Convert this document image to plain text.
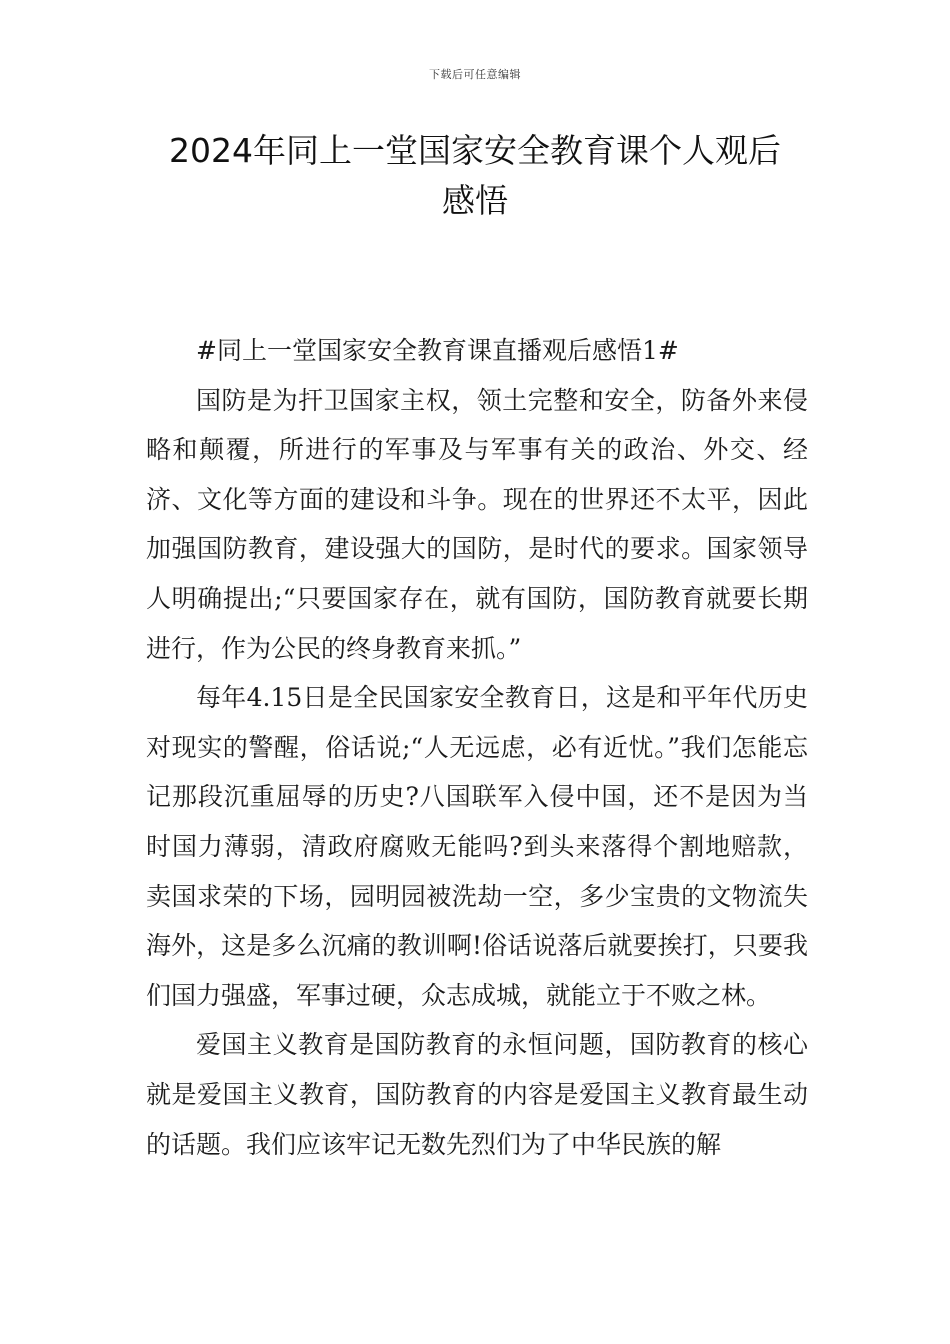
下载后可任意编辑
2024年同上一堂国家安全教育课个人观后
感悟

#同上一堂国家安全教育课直播观后感悟1#

国防是为扞卫国家主权，领土完整和安全，防备外来侵略和颠覆，所进行的军事及与军事有关的政治、外交、经济、文化等方面的建设和斗争。现在的世界还不太平，因此加强国防教育，建设强大的国防，是时代的要求。国家领导人明确提出;“只要国家存在，就有国防，国防教育就要长期进行，作为公民的终身教育来抓。”

每年4.15日是全民国家安全教育日，这是和平年代历史对现实的警醒，俗话说;“人无远虑，必有近忧。”我们怎能忘记那段沉重屈辱的历史?八国联军入侵中国，还不是因为当时国力薄弱，清政府腐败无能吗?到头来落得个割地赔款，卖国求荣的下场，园明园被洗劫一空，多少宝贵的文物流失海外，这是多么沉痛的教训啊!俗话说落后就要挨打，只要我们国力强盛，军事过硬，众志成城，就能立于不败之林。

爱国主义教育是国防教育的永恒问题，国防教育的核心就是爱国主义教育，国防教育的内容是爱国主义教育最生动的话题。我们应该牢记无数先烈们为了中华民族的解
